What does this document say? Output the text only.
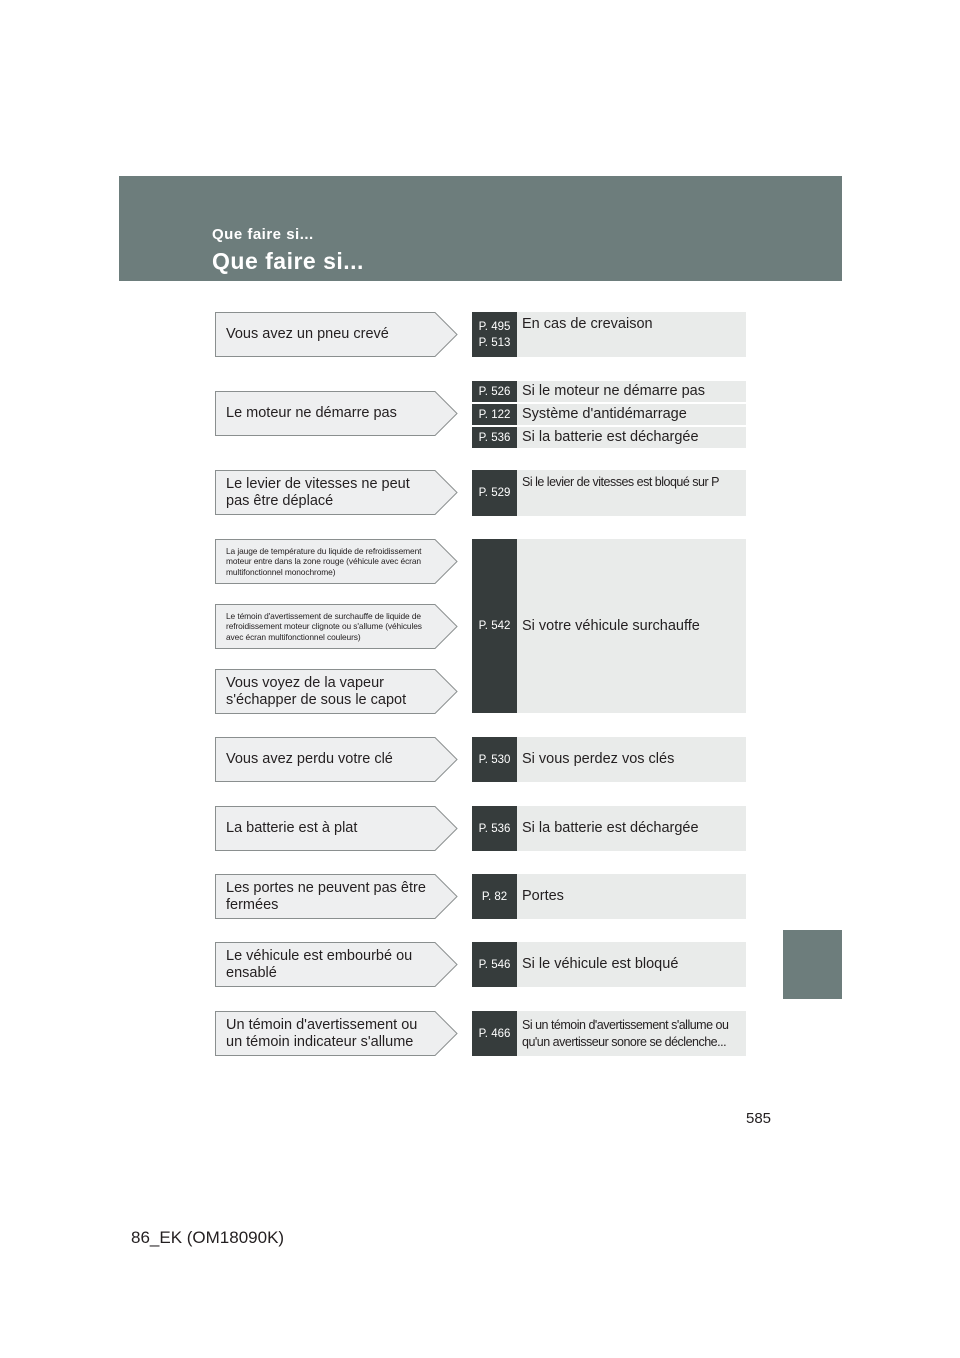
Que faire si...
Que faire si...
Vous avez un pneu crevé
Le moteur ne démarre pas
Le levier de vitesses ne peut pas être déplacé
La jauge de température du liquide de refroidissement moteur entre dans la zone rouge (véhicule avec écran multifonctionnel monochrome)
Le témoin d'avertissement de surchauffe de liquide de refroidissement moteur clignote ou s'allume (véhicules avec écran multifonctionnel couleurs)
Vous voyez de la vapeur s'échapper de sous le capot
Vous avez perdu votre clé
La batterie est à plat
Les portes ne peuvent pas être fermées
Le véhicule est embourbé ou ensablé
Un témoin d'avertissement ou un témoin indicateur s'allume
P. 495
P. 513
En cas de crevaison
P. 526 Si le moteur ne démarre pas
P. 122 Système d'antidémarrage
P. 536 Si la batterie est déchargée
P. 529
Si le levier de vitesses est bloqué sur P
P. 542 Si votre véhicule surchauffe
P. 530 Si vous perdez vos clés
P. 536 Si la batterie est déchargée
P. 82	Portes
P. 546 Si le véhicule est bloqué
P. 466
Si un témoin d'avertissement s'allume ou qu'un avertisseur sonore se déclenche...
585
86_EK (OM18090K)
